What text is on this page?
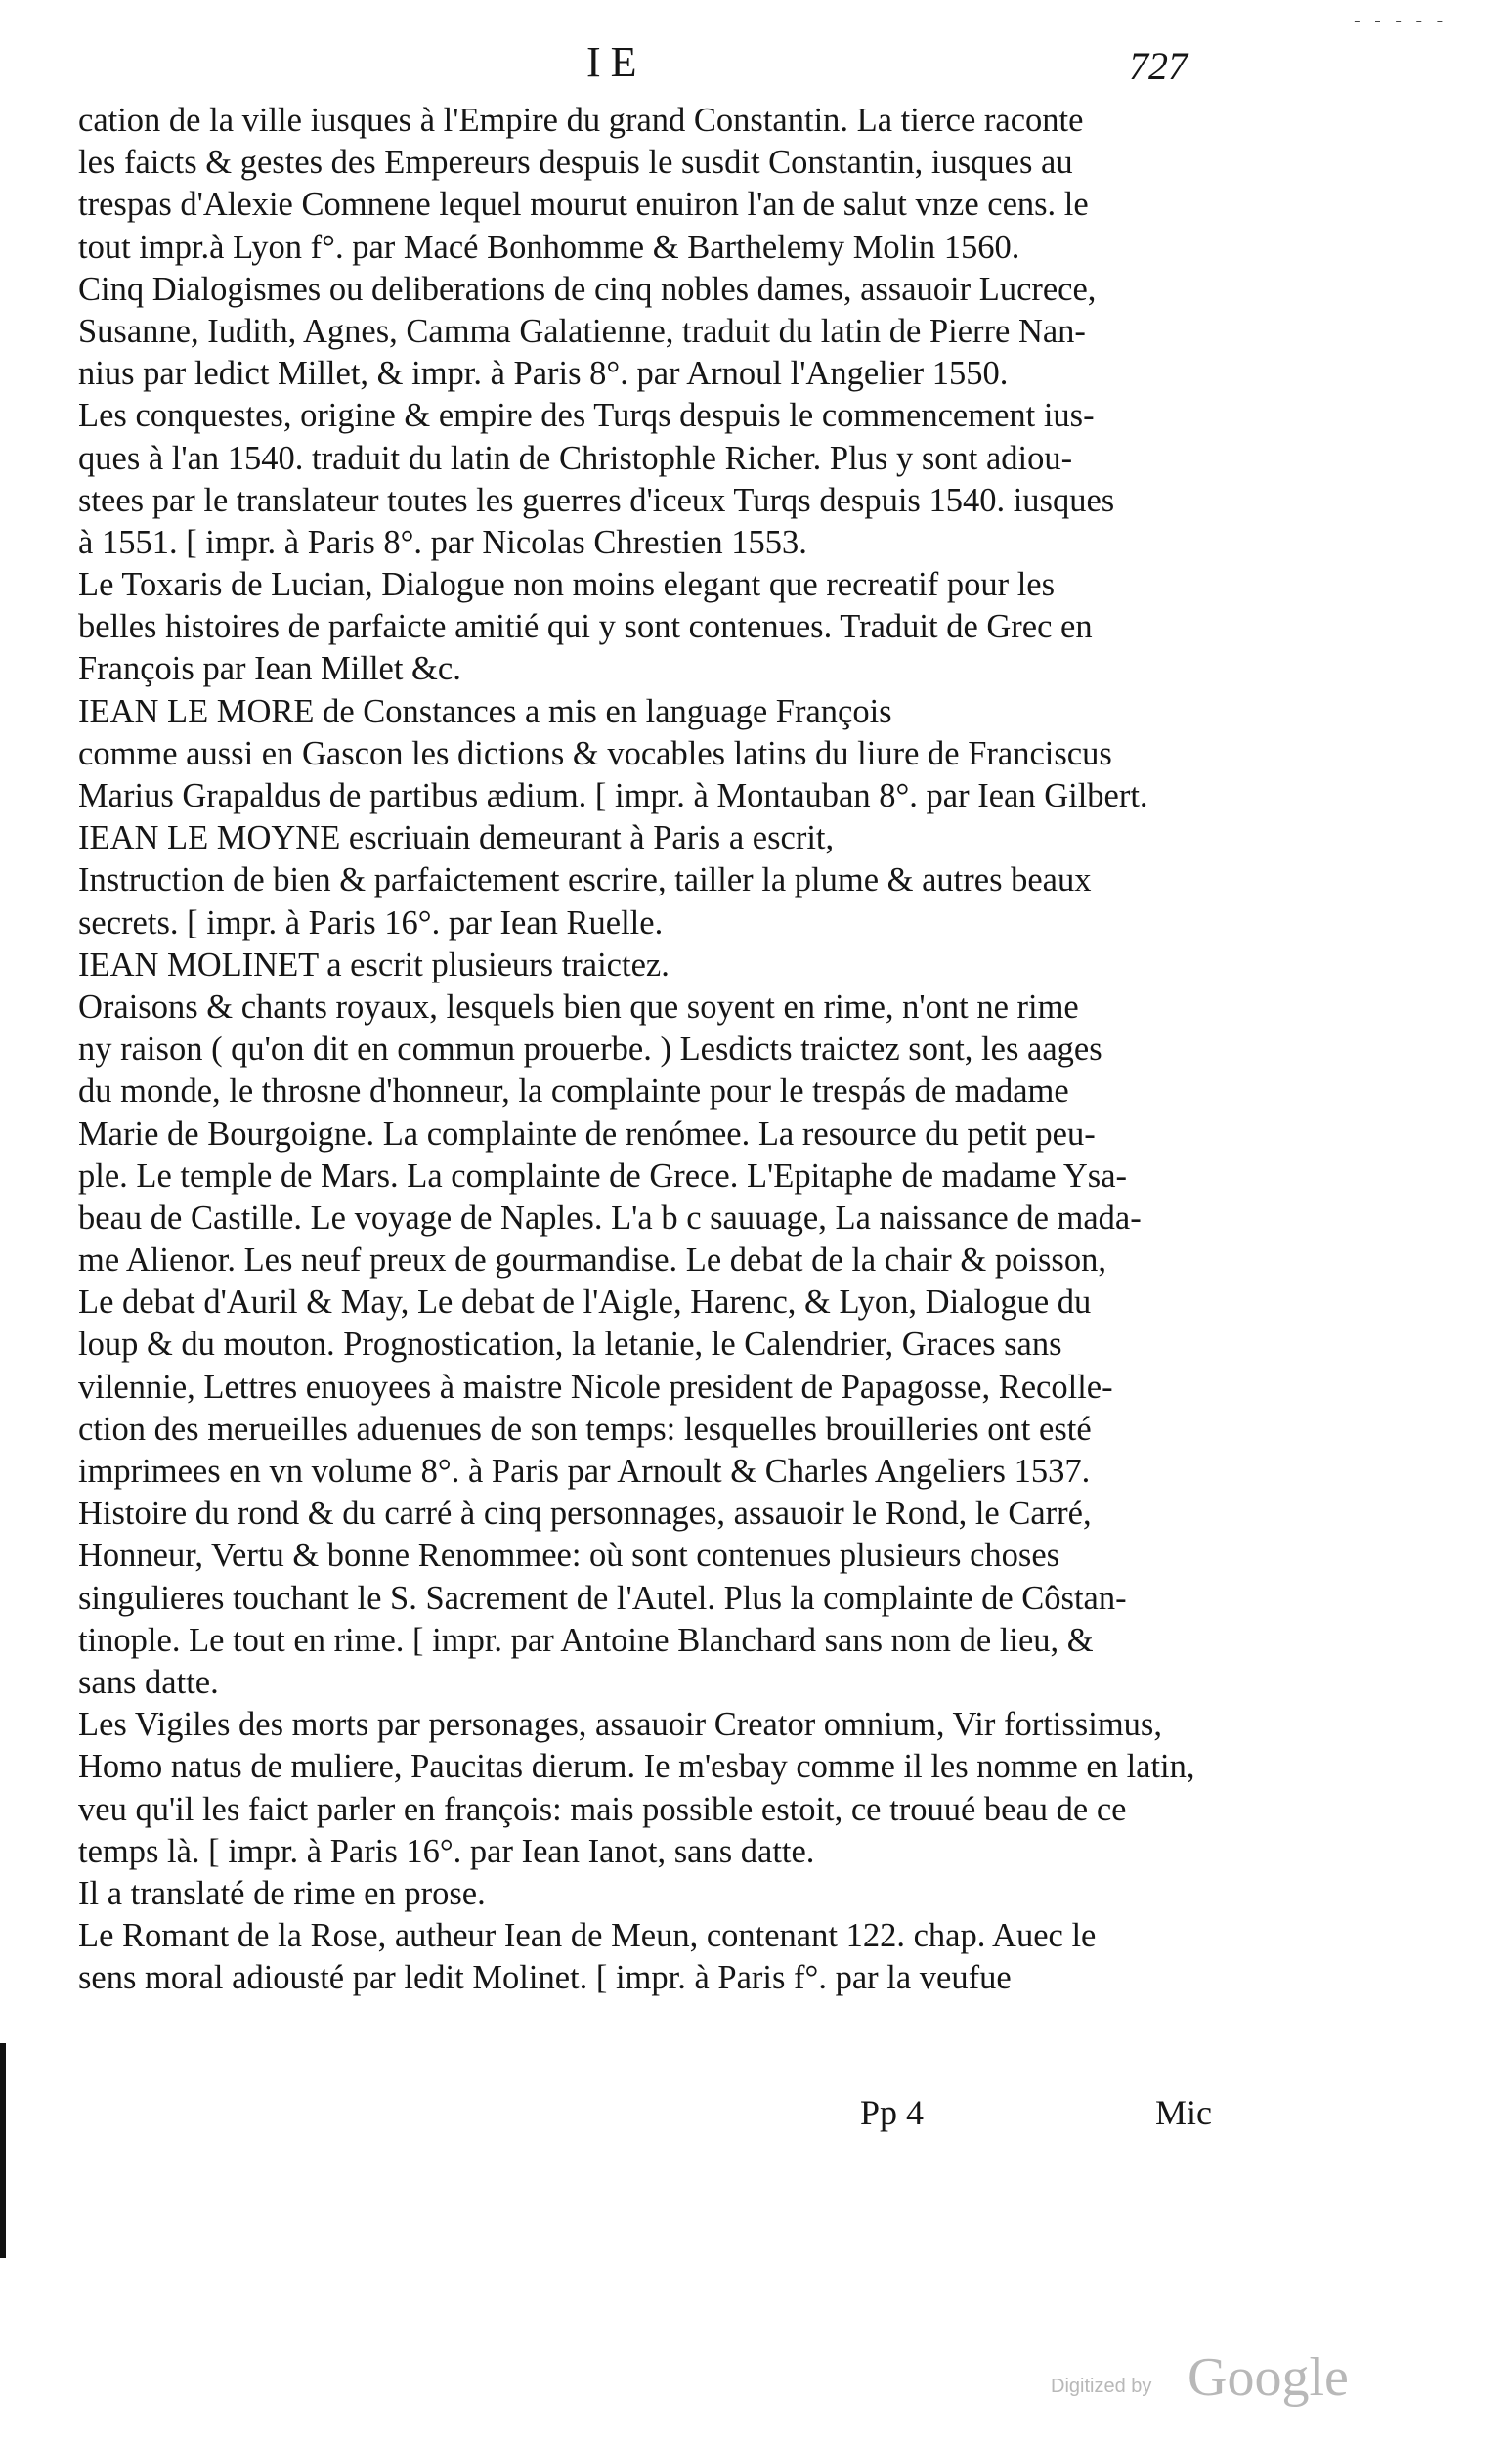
- - - - -
IE	727
cation de la ville iusques à l'Empire du grand Constantin. La tierce raconte
les faicts & gestes des Empereurs despuis le susdit Constantin, iusques au
trespas d'Alexie Comnene lequel mourut enuiron l'an de salut vnze cens. le
tout impr.à Lyon f°. par Macé Bonhomme & Barthelemy Molin 1560.
Cinq Dialogismes ou deliberations de cinq nobles dames, assauoir Lucrece,
Susanne, Iudith, Agnes, Camma Galatienne, traduit du latin de Pierre Nan-
nius par ledict Millet, & impr. à Paris 8°. par Arnoul l'Angelier 1550.
Les conquestes, origine & empire des Turqs despuis le commencement ius-
ques à l'an 1540. traduit du latin de Christophle Richer. Plus y sont adiou-
stees par le translateur toutes les guerres d'iceux Turqs despuis 1540. iusques
à 1551. [ impr. à Paris 8°. par Nicolas Chrestien 1553.
Le Toxaris de Lucian, Dialogue non moins elegant que recreatif pour les
belles histoires de parfaicte amitié qui y sont contenues. Traduit de Grec en
François par Iean Millet &c.
IEAN LE MORE de Constances a mis en language François
comme aussi en Gascon les dictions & vocables latins du liure de Franciscus
Marius Grapaldus de partibus ædium. [ impr. à Montauban 8°. par Iean Gilbert.
IEAN LE MOYNE escriuain demeurant à Paris a escrit,
Instruction de bien & parfaictement escrire, tailler la plume & autres beaux
secrets. [ impr. à Paris 16°. par Iean Ruelle.
IEAN MOLINET a escrit plusieurs traictez.
Oraisons & chants royaux, lesquels bien que soyent en rime, n'ont ne rime
ny raison ( qu'on dit en commun prouerbe. ) Lesdicts traictez sont, les aages
du monde, le throsne d'honneur, la complainte pour le trespás de madame
Marie de Bourgoigne. La complainte de renómee. La resource du petit peu-
ple. Le temple de Mars. La complainte de Grece. L'Epitaphe de madame Ysa-
beau de Castille. Le voyage de Naples. L'a b c sauuage, La naissance de mada-
me Alienor. Les neuf preux de gourmandise. Le debat de la chair & poisson,
Le debat d'Auril & May, Le debat de l'Aigle, Harenc, & Lyon, Dialogue du
loup & du mouton. Prognostication, la letanie, le Calendrier, Graces sans
vilennie, Lettres enuoyees à maistre Nicole president de Papagosse, Recolle-
ction des merueilles aduenues de son temps: lesquelles brouilleries ont esté
imprimees en vn volume 8°. à Paris par Arnoult & Charles Angeliers 1537.
Histoire du rond & du carré à cinq personnages, assauoir le Rond, le Carré,
Honneur, Vertu & bonne Renommee: où sont contenues plusieurs choses
singulieres touchant le S. Sacrement de l'Autel. Plus la complainte de Côstan-
tinople. Le tout en rime. [ impr. par Antoine Blanchard sans nom de lieu, &
sans datte.
Les Vigiles des morts par personages, assauoir Creator omnium, Vir fortissimus,
Homo natus de muliere, Paucitas dierum. Ie m'esbay comme il les nomme en latin,
veu qu'il les faict parler en françois: mais possible estoit, ce trouué beau de ce
temps là. [ impr. à Paris 16°. par Iean Ianot, sans datte.
Il a translaté de rime en prose.
Le Romant de la Rose, autheur Iean de Meun, contenant 122. chap. Auec le
sens moral adiousté par ledit Molinet. [ impr. à Paris f°. par la veufue
Pp 4	Mic
Digitized by Google
